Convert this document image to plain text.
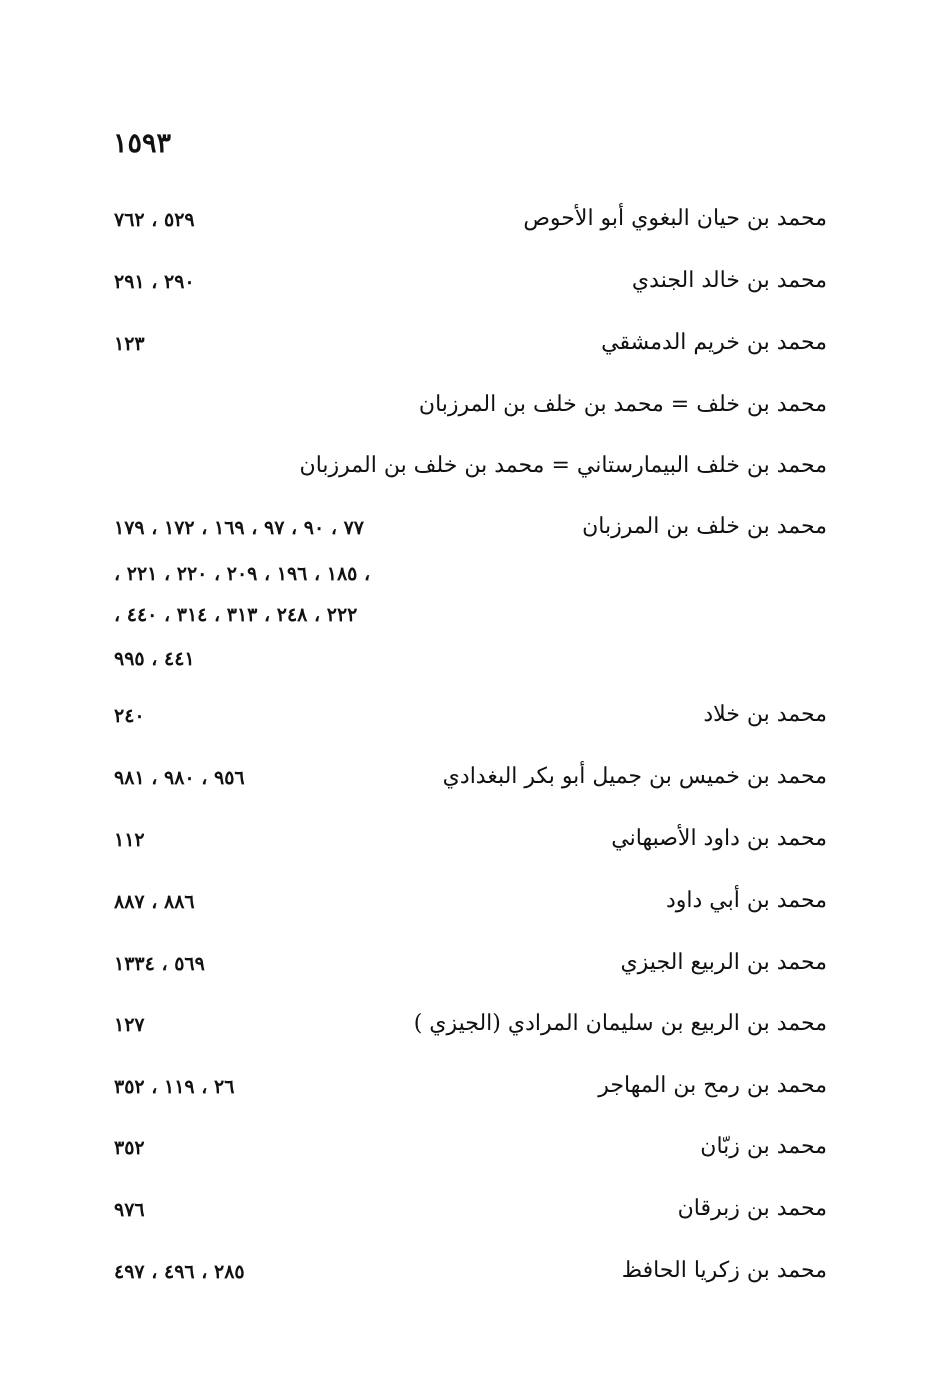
١٥٩٣
محمد بن حيان البغوي أبو الأحوص
٥٢٩ ، ٧٦٢
محمد بن خالد الجندي
٢٩٠ ، ٢٩١
محمد بن خريم الدمشقي
١٢٣
محمد بن خلف = محمد بن خلف بن المرزبان
محمد بن خلف البيمارستاني = محمد بن خلف بن المرزبان
محمد بن خلف بن المرزبان
٧٧ ، ٩٠ ، ٩٧ ، ١٦٩ ، ١٧٢ ، ١٧٩
، ١٨٥ ، ١٩٦ ، ٢٠٩ ، ٢٢٠ ، ٢٢١ ،
٢٢٢ ، ٢٤٨ ، ٣١٣ ، ٣١٤ ، ٤٤٠ ،
٤٤١ ، ٩٩٥
محمد بن خلاد
٢٤٠
محمد بن خميس بن جميل أبو بكر البغدادي
٩٥٦ ، ٩٨٠ ، ٩٨١
محمد بن داود الأصبهاني
١١٢
محمد بن أبي داود
٨٨٦ ، ٨٨٧
محمد بن الربيع الجيزي
٥٦٩ ، ١٣٣٤
محمد بن الربيع بن سليمان المرادي (الجيزي )
١٢٧
محمد بن رمح بن المهاجر
٢٦ ، ١١٩ ، ٣٥٢
محمد بن زبّان
٣٥٢
محمد بن زبرقان
٩٧٦
محمد بن زكريا الحافظ
٢٨٥ ، ٤٩٦ ، ٤٩٧
